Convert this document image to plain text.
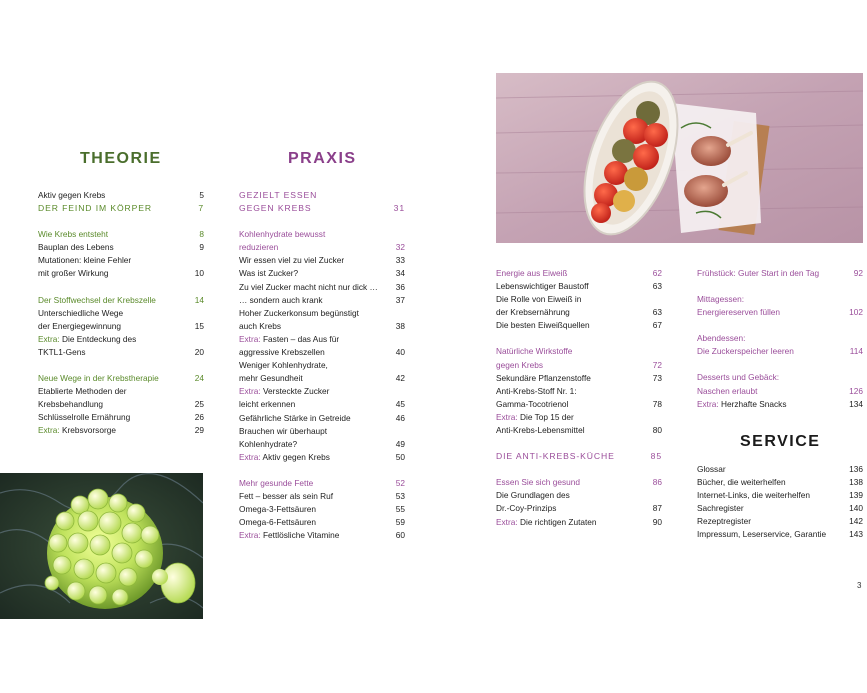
THEORIE	PRAXIS
SERVICE
Aktiv gegen Krebs	5
DER FEIND IM KÖRPER	7
Wie Krebs entsteht	8
Bauplan des Lebens	9
Mutationen: kleine Fehler
mit großer Wirkung	10
Der Stoffwechsel der Krebszelle	14
Unterschiedliche Wege
der Energiegewinnung	15
Extra: Die Entdeckung des
TKTL1-Gens	20
Neue Wege in der Krebstherapie	24
Etablierte Methoden der
Krebsbehandlung	25
Schlüsselrolle Ernährung	26
Extra: Krebsvorsorge	29
GEZIELT ESSEN
GEGEN KREBS	31
Kohlenhydrate bewusst
reduzieren	32
Wir essen viel zu viel Zucker	33
Was ist Zucker?	34
Zu viel Zucker macht nicht nur dick … 36
… sondern auch krank	37
Hoher Zuckerkonsum begünstigt
auch Krebs	38
Extra: Fasten – das Aus für
aggressive Krebszellen	40
Weniger Kohlenhydrate,
mehr Gesundheit	42
Extra: Versteckte Zucker
leicht erkennen	45
Gefährliche Stärke in Getreide	46
Brauchen wir überhaupt
Kohlenhydrate?	49
Extra: Aktiv gegen Krebs	50
Mehr gesunde Fette	52
Fett – besser als sein Ruf	53
Omega-3-Fettsäuren	55
Omega-6-Fettsäuren	59
Extra: Fettlösliche Vitamine	60
Energie aus Eiweiß	62
Lebenswichtiger Baustoff	63
Die Rolle von Eiweiß in
der Krebsernährung	63
Die besten Eiweißquellen	67
Natürliche Wirkstoffe
gegen Krebs	72
Sekundäre Pflanzenstoffe	73
Anti-Krebs-Stoff Nr. 1:
Gamma-Tocotrienol	78
Extra: Die Top 15 der
Anti-Krebs-Lebensmittel	80
DIE ANTI-KREBS-KÜCHE	85
Essen Sie sich gesund	86
Die Grundlagen des
Dr.-Coy-Prinzips	87
Extra: Die richtigen Zutaten	90
Frühstück: Guter Start in den Tag	92
Mittagessen:
Energiereserven füllen	102
Abendessen:
Die Zuckerspeicher leeren	114
Desserts und Gebäck:
Naschen erlaubt	126
Extra: Herzhafte Snacks	134
Glossar	136
Bücher, die weiterhelfen	138
Internet-Links, die weiterhelfen	139
Sachregister	140
Rezeptregister	142
Impressum, Leserservice, Garantie	143
3
